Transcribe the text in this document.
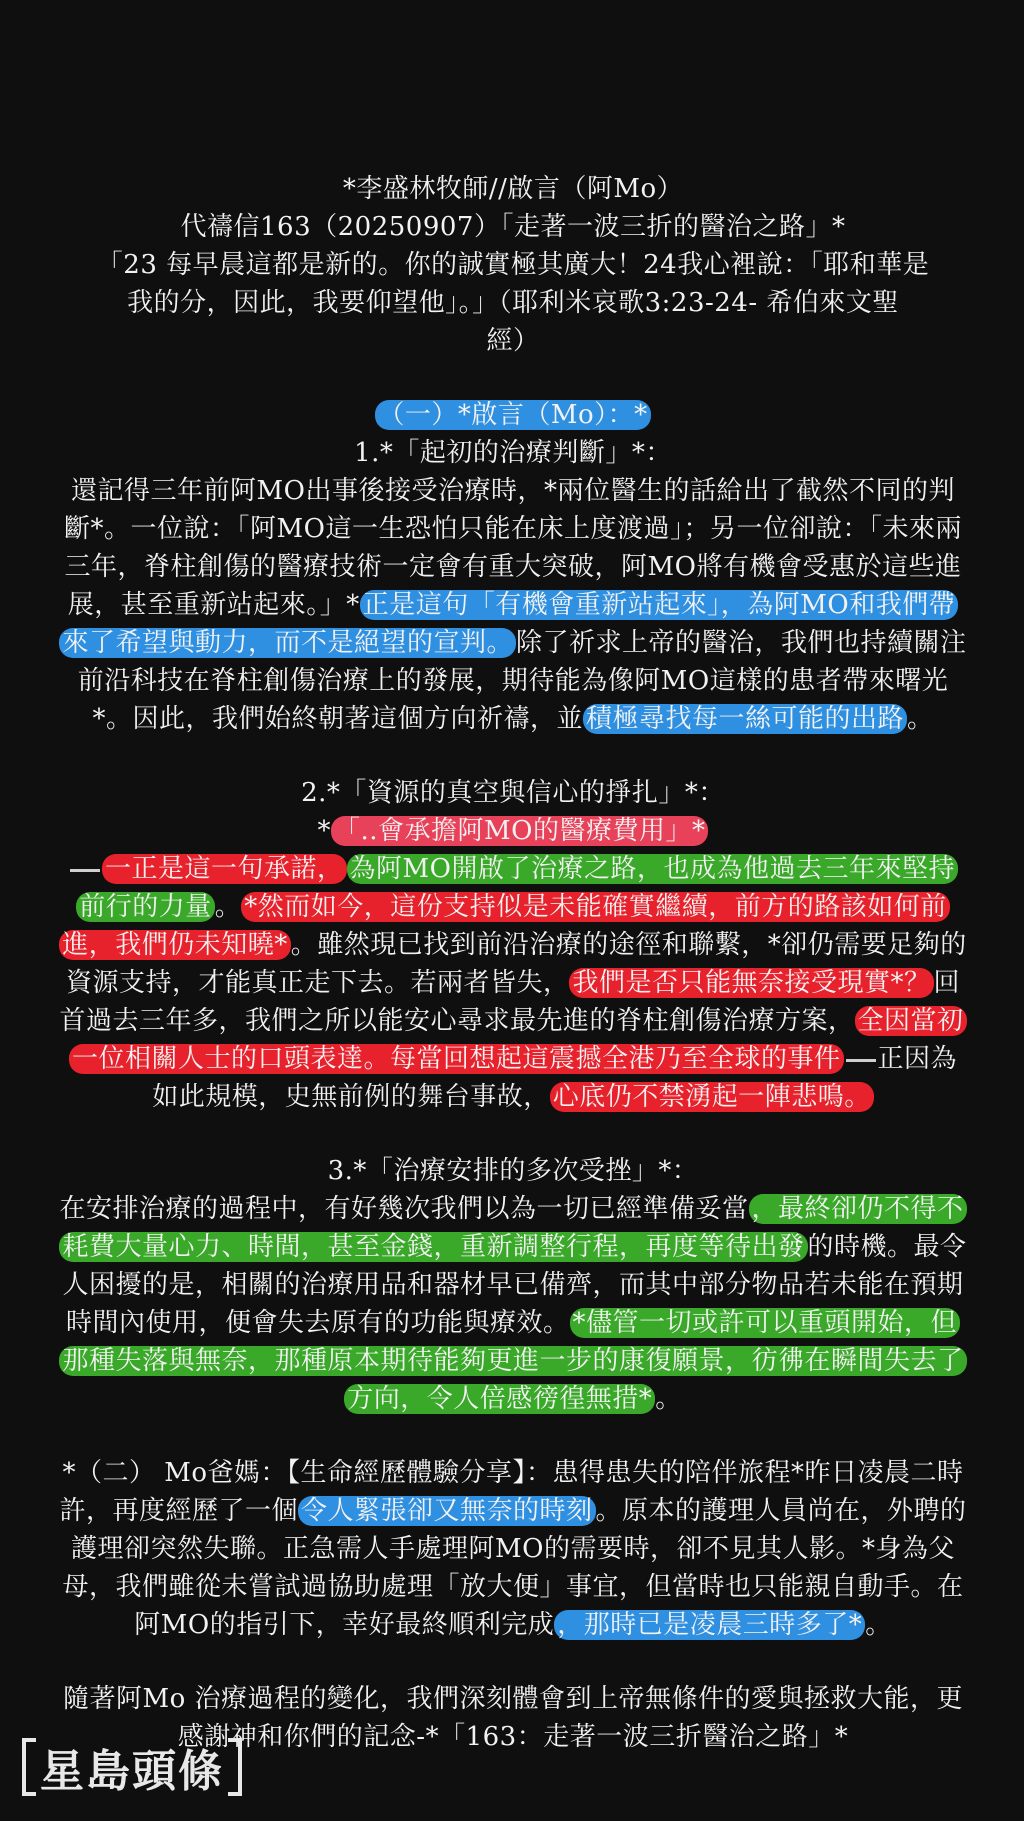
*李盛林牧師//啟言（阿Mo）

代禱信163（20250907）「走著一波三折的醫治之路」*

「23 每早晨這都是新的。你的誠實極其廣大！24我心裡說：「耶和華是

我的分，因此，我要仰望他」。」（耶利米哀歌3:23-24- 希伯來文聖

經）

（一）*啟言（Mo）：*

1.*「起初的治療判斷」*：

還記得三年前阿MO出事後接受治療時，*兩位醫生的話給出了截然不同的判斷*。一位說：「阿MO這一生恐怕只能在床上度渡過」；另一位卻說：「未來兩三年，脊柱創傷的醫療技術一定會有重大突破，阿MO將有機會受惠於這些進展，甚至重新站起來。」* 正是這句「有機會重新站起來」，為阿MO和我們帶來了希望與動力，而不是絕望的宣判。 除了祈求上帝的醫治，我們也持續關注前沿科技在脊柱創傷治療上的發展，期待能為像阿MO這樣的患者帶來曙光*。因此，我們始終朝著這個方向祈禱，並 積極尋找每一絲可能的出路 。

2.*「資源的真空與信心的掙扎」*：

* 「..會承擔阿MO的醫療費用」*

一正是這一句承諾， 為阿MO開啟了治療之路，也成為他過去三年來堅持前行的力量 。 *然而如今，這份支持似是未能確實繼續，前方的路該如何前進，我們仍未知曉* 。雖然現已找到前沿治療的途徑和聯繫，*卻仍需要足夠的資源支持，才能真正走下去。若兩者皆失， 我們是否只能無奈接受現實*？ 回首過去三年多，我們之所以能安心尋求最先進的脊柱創傷治療方案， 全因當初一位相關人士的口頭表達。每當回想起這震撼全港乃至全球的事件 正因為如此規模，史無前例的舞台事故， 心底仍不禁湧起一陣悲鳴。

3.*「治療安排的多次受挫」*：

在安排治療的過程中，有好幾次我們以為一切已經準備妥當 ，最終卻仍不得不耗費大量心力、時間，甚至金錢，重新調整行程，再度等待出發 的時機。最令人困擾的是，相關的治療用品和器材早已備齊，而其中部分物品若未能在預期時間內使用，便會失去原有的功能與療效。 *儘管一切或許可以重頭開始，但那種失落與無奈，那種原本期待能夠更進一步的康復願景，彷彿在瞬間失去了方向，令人倍感徬徨無措* 。

*（二） Mo爸媽：【生命經歷體驗分享】：患得患失的陪伴旅程*昨日凌晨二時許，再度經歷了一個 令人緊張卻又無奈的時刻 。原本的護理人員尚在，外聘的護理卻突然失聯。正急需人手處理阿MO的需要時，卻不見其人影。*身為父母，我們雖從未嘗試過協助處理「放大便」事宜，但當時也只能親自動手。在阿MO的指引下，幸好最終順利完成 ，那時已是凌晨三時多了* 。

隨著阿Mo 治療過程的變化，我們深刻體會到上帝無條件的愛與拯救大能，更感謝神和你們的記念-*「163：走著一波三折醫治之路」*

星島頭條
